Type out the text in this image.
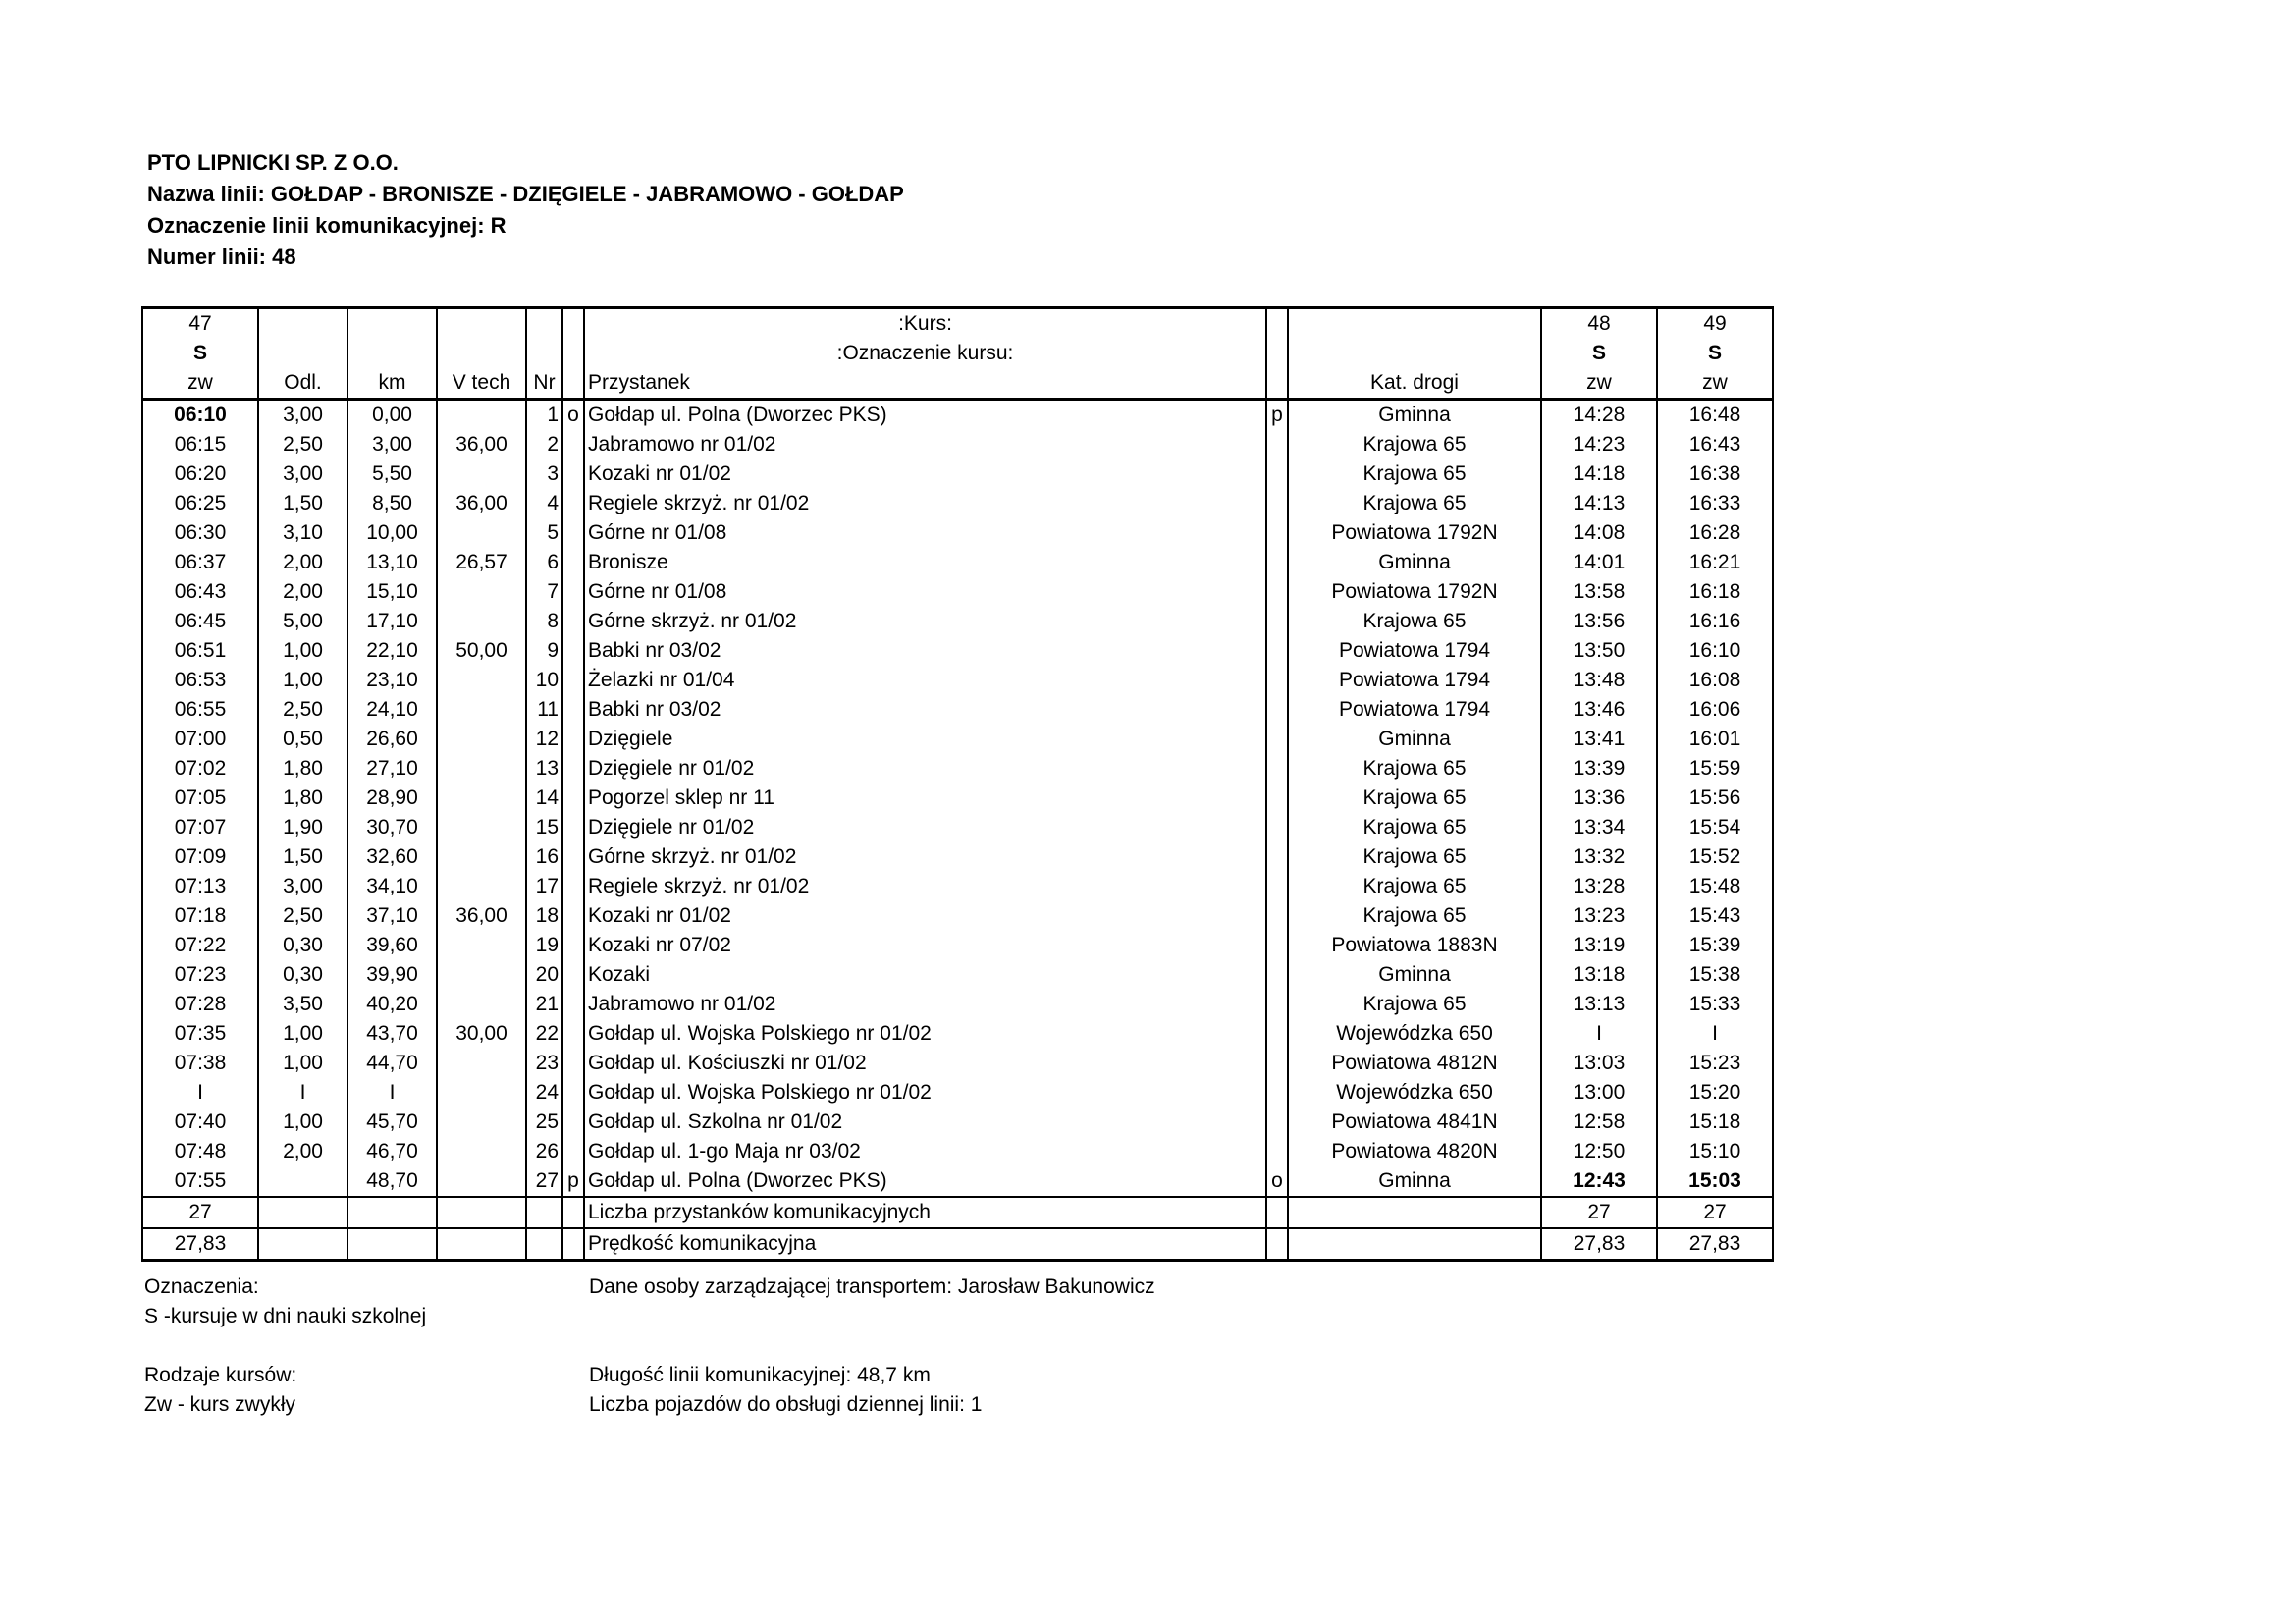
PTO LIPNICKI SP. Z O.O.
Nazwa linii: GOŁDAP - BRONISZE - DZIĘGIELE - JABRAMOWO - GOŁDAP
Oznaczenie linii komunikacyjnej: R
Numer linii: 48
47						:Kurs:			48	49
S						:Oznaczenie kursu:			S	S
zw	Odl.	km	V tech	Nr		Przystanek		Kat. drogi	zw	zw
06:10	3,00	0,00		1	o	Gołdap ul. Polna (Dworzec PKS)	p	Gminna	14:28	16:48
06:15	2,50	3,00	36,00	2		Jabramowo nr 01/02		Krajowa 65	14:23	16:43
06:20	3,00	5,50		3		Kozaki nr 01/02		Krajowa 65	14:18	16:38
06:25	1,50	8,50	36,00	4		Regiele skrzyż. nr 01/02		Krajowa 65	14:13	16:33
06:30	3,10	10,00		5		Górne nr 01/08		Powiatowa 1792N	14:08	16:28
06:37	2,00	13,10	26,57	6		Bronisze		Gminna	14:01	16:21
06:43	2,00	15,10		7		Górne nr 01/08		Powiatowa 1792N	13:58	16:18
06:45	5,00	17,10		8		Górne skrzyż. nr 01/02		Krajowa 65	13:56	16:16
06:51	1,00	22,10	50,00	9		Babki nr 03/02		Powiatowa 1794	13:50	16:10
06:53	1,00	23,10		10		Żelazki nr 01/04		Powiatowa 1794	13:48	16:08
06:55	2,50	24,10		11		Babki nr 03/02		Powiatowa 1794	13:46	16:06
07:00	0,50	26,60		12		Dzięgiele		Gminna	13:41	16:01
07:02	1,80	27,10		13		Dzięgiele nr 01/02		Krajowa 65	13:39	15:59
07:05	1,80	28,90		14		Pogorzel sklep nr 11		Krajowa 65	13:36	15:56
07:07	1,90	30,70		15		Dzięgiele nr 01/02		Krajowa 65	13:34	15:54
07:09	1,50	32,60		16		Górne skrzyż. nr 01/02		Krajowa 65	13:32	15:52
07:13	3,00	34,10		17		Regiele skrzyż. nr 01/02		Krajowa 65	13:28	15:48
07:18	2,50	37,10	36,00	18		Kozaki nr 01/02		Krajowa 65	13:23	15:43
07:22	0,30	39,60		19		Kozaki nr 07/02		Powiatowa 1883N	13:19	15:39
07:23	0,30	39,90		20		Kozaki		Gminna	13:18	15:38
07:28	3,50	40,20		21		Jabramowo nr 01/02		Krajowa 65	13:13	15:33
07:35	1,00	43,70	30,00	22		Gołdap ul. Wojska Polskiego nr 01/02		Wojewódzka 650	I	I
07:38	1,00	44,70		23		Gołdap ul. Kościuszki nr 01/02		Powiatowa 4812N	13:03	15:23
I	I	I		24		Gołdap ul. Wojska Polskiego nr 01/02		Wojewódzka 650	13:00	15:20
07:40	1,00	45,70		25		Gołdap ul. Szkolna nr 01/02		Powiatowa 4841N	12:58	15:18
07:48	2,00	46,70		26		Gołdap ul. 1-go Maja nr 03/02		Powiatowa 4820N	12:50	15:10
07:55		48,70		27	p	Gołdap ul. Polna (Dworzec PKS)	o	Gminna	12:43	15:03
27						Liczba przystanków komunikacyjnych			27	27
27,83						Prędkość komunikacyjna			27,83	27,83
Oznaczenia:
S -kursuje w dni nauki szkolnej
Rodzaje kursów:
Zw - kurs zwykły
Dane osoby zarządzającej transportem: Jarosław Bakunowicz
Długość linii komunikacyjnej: 48,7 km
Liczba pojazdów do obsługi dziennej linii: 1
